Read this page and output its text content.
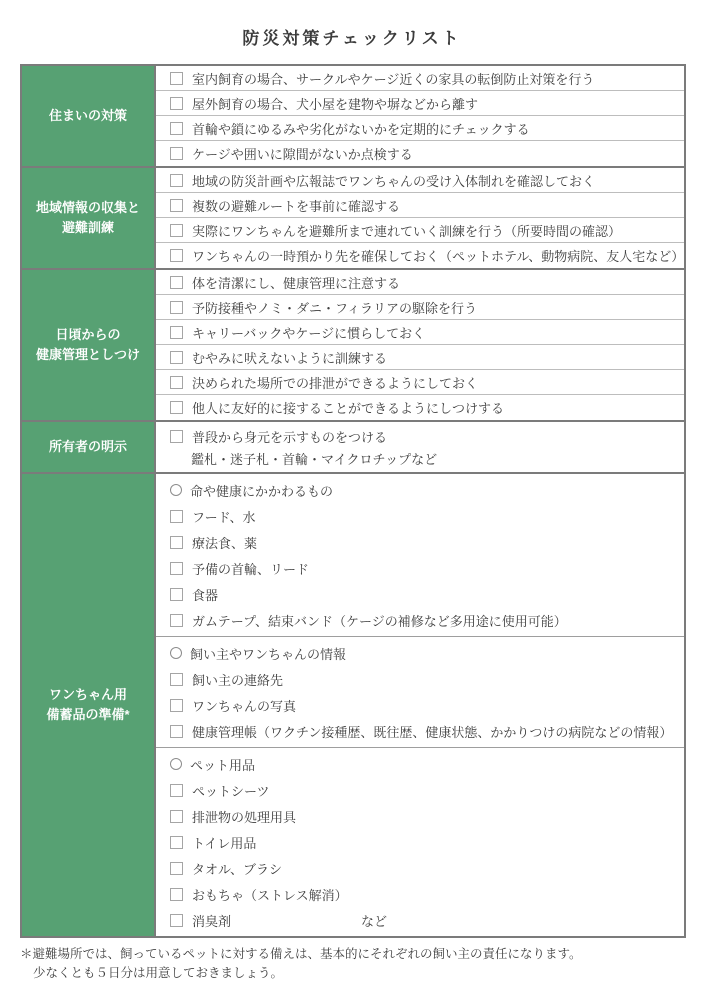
防災対策チェックリスト
住まいの対策
室内飼育の場合、サークルやケージ近くの家具の転倒防止対策を行う
屋外飼育の場合、犬小屋を建物や塀などから離す
首輪や鎖にゆるみや劣化がないかを定期的にチェックする
ケージや囲いに隙間がないか点検する
地域情報の収集と
避難訓練
地域の防災計画や広報誌でワンちゃんの受け入体制れを確認しておく
複数の避難ルートを事前に確認する
実際にワンちゃんを避難所まで連れていく訓練を行う（所要時間の確認）
ワンちゃんの一時預かり先を確保しておく（ペットホテル、動物病院、友人宅など）
日頃からの
健康管理としつけ
体を清潔にし、健康管理に注意する
予防接種やノミ・ダニ・フィラリアの駆除を行う
キャリーバックやケージに慣らしておく
むやみに吠えないように訓練する
決められた場所での排泄ができるようにしておく
他人に友好的に接することができるようにしつけする
所有者の明示
普段から身元を示すものをつける
鑑札・迷子札・首輪・マイクロチップなど
ワンちゃん用
備蓄品の準備*
命や健康にかかわるもの
フード、水
療法食、薬
予備の首輪、リード
食器
ガムテープ、結束バンド（ケージの補修など多用途に使用可能）
飼い主やワンちゃんの情報
飼い主の連絡先
ワンちゃんの写真
健康管理帳（ワクチン接種歴、既往歴、健康状態、かかりつけの病院などの情報）
ペット用品
ペットシーツ
排泄物の処理用具
トイレ用品
タオル、ブラシ
おもちゃ（ストレス解消）
消臭剤	など
＊避難場所では、飼っているペットに対する備えは、基本的にそれぞれの飼い主の責任になります。
少なくとも５日分は用意しておきましょう。
